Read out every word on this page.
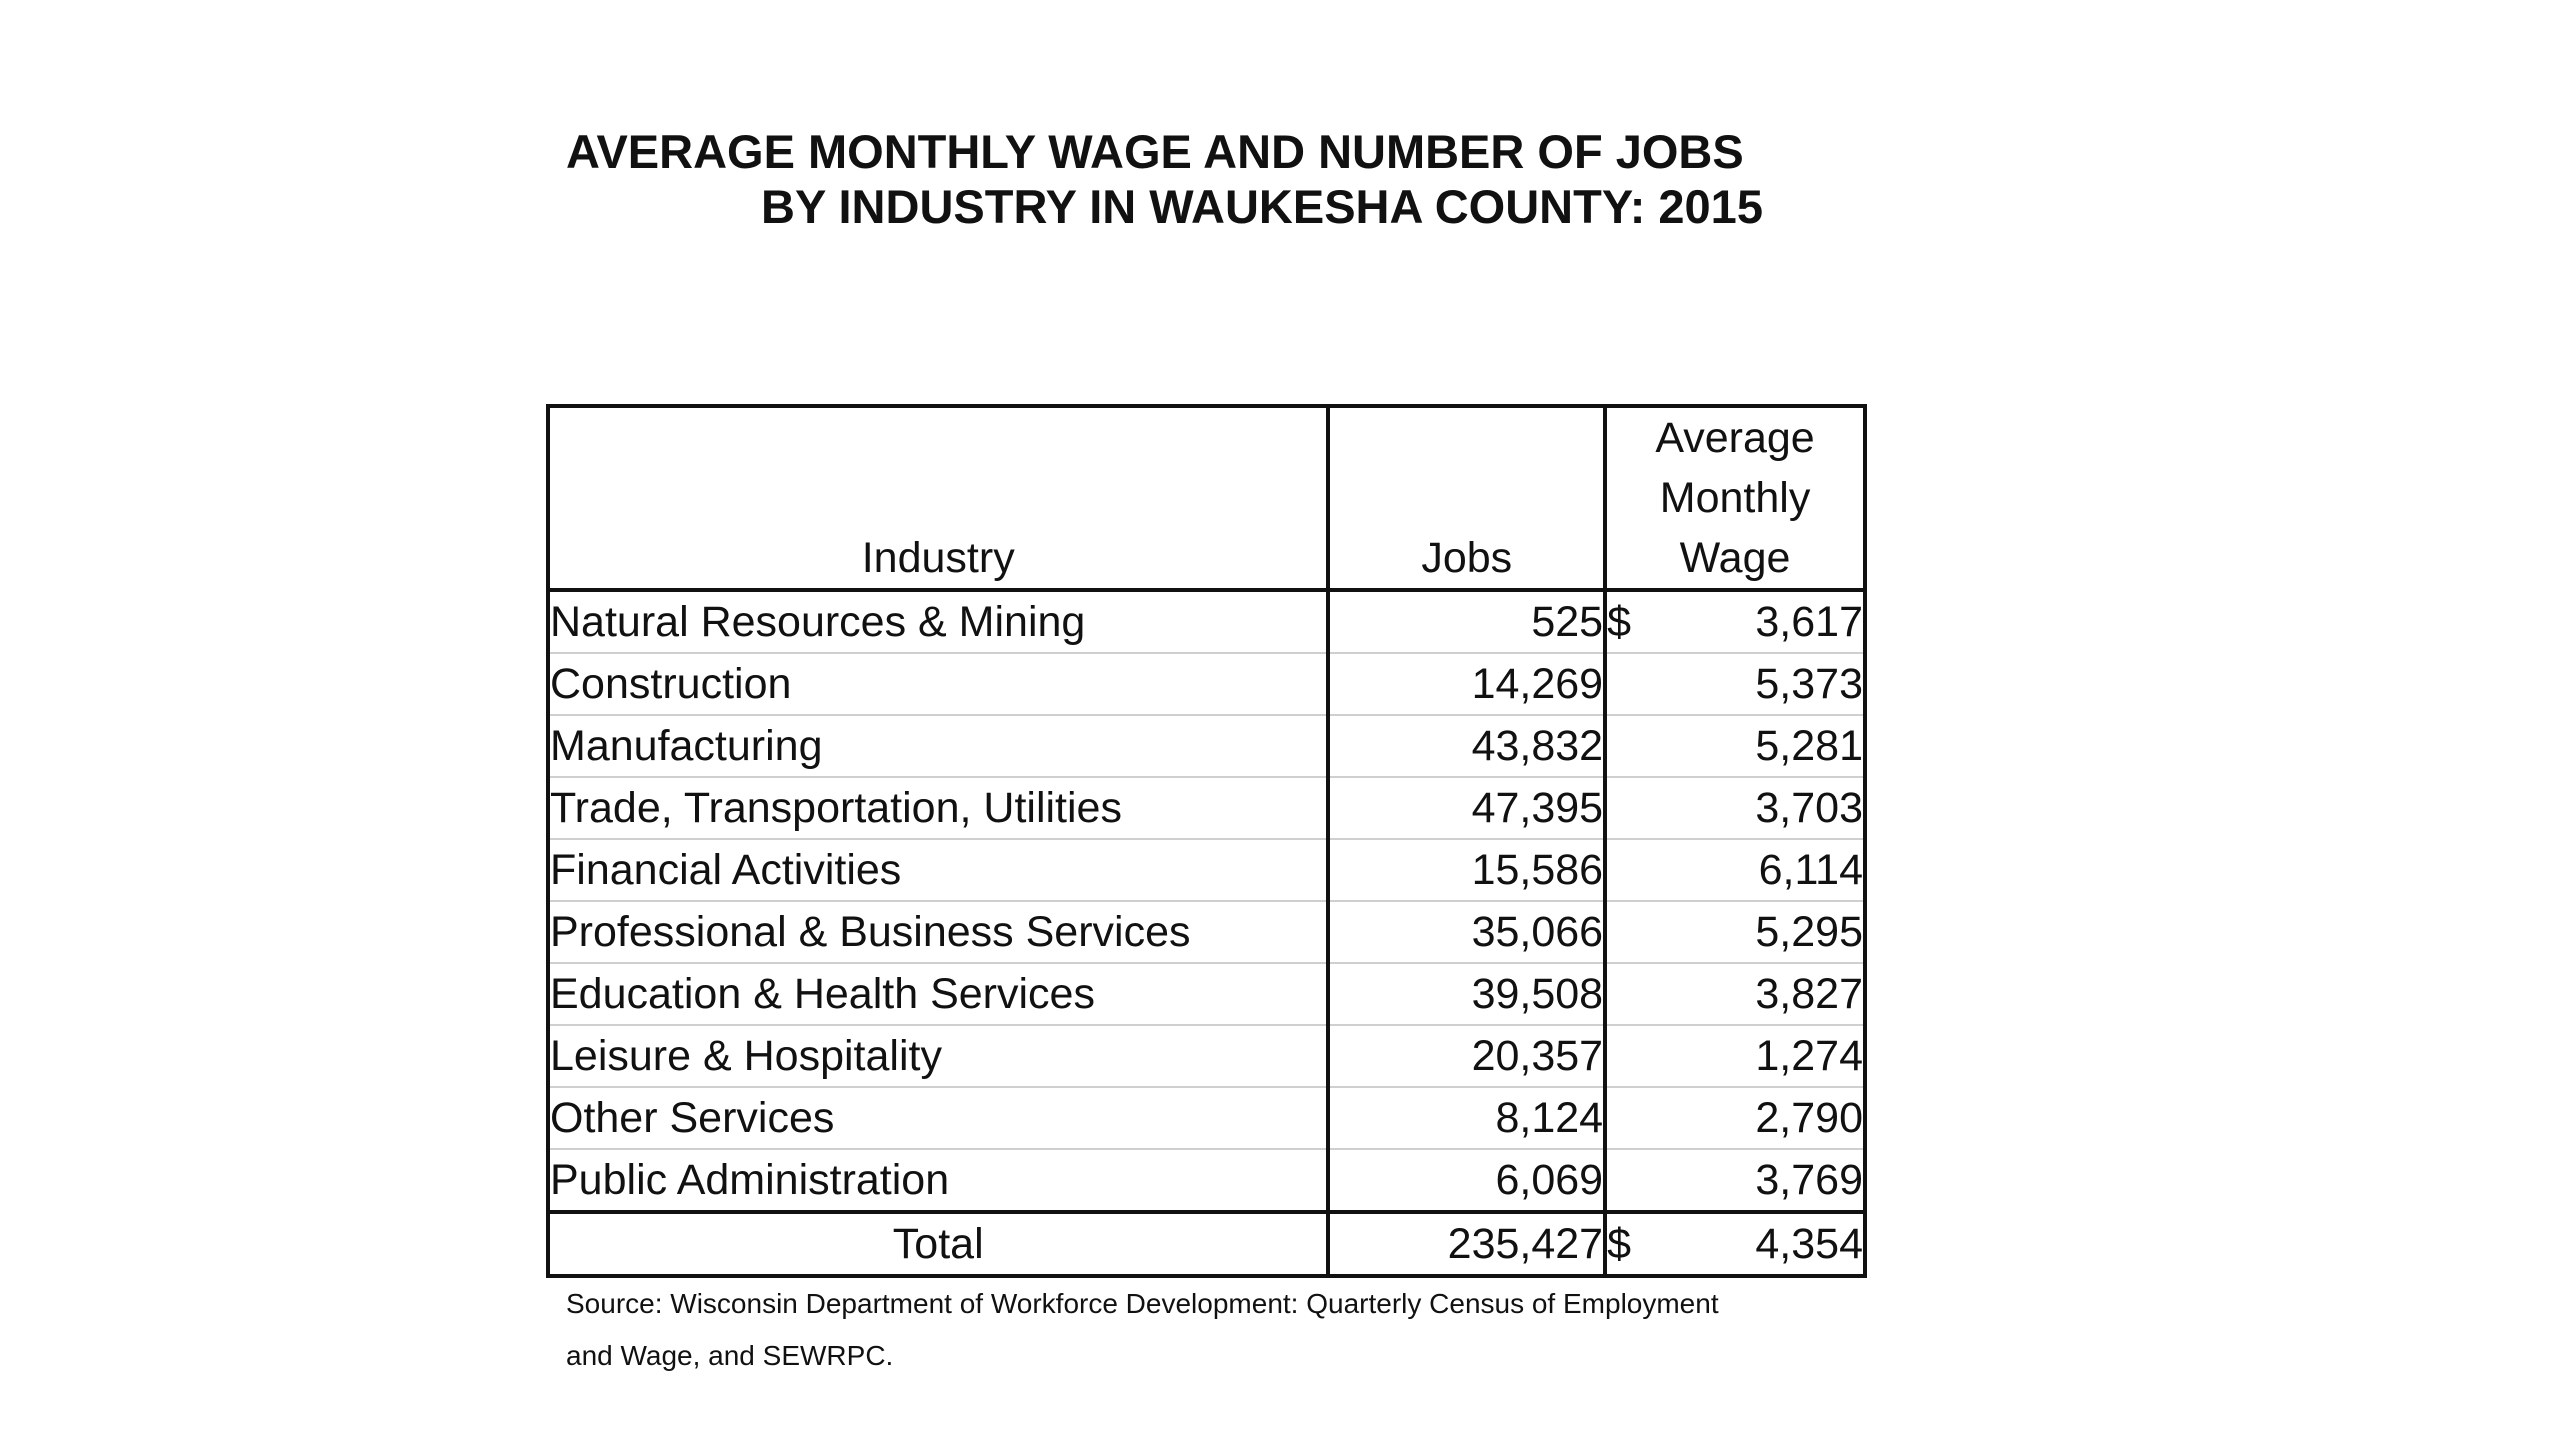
AVERAGE MONTHLY WAGE AND NUMBER OF JOBS
BY INDUSTRY IN WAUKESHA COUNTY: 2015
Industry	Jobs	Average
Monthly
Wage	

Natural Resources & Mining	525	$	3,617
Construction	14,269		5,373
Manufacturing	43,832		5,281
Trade, Transportation, Utilities	47,395		3,703
Financial Activities	15,586		6,114
Professional & Business Services	35,066		5,295
Education & Health Services	39,508		3,827
Leisure & Hospitality	20,357		1,274
Other Services	8,124		2,790
Public Administration	6,069		3,769
Total	235,427	$	4,354
Source: Wisconsin Department of Workforce Development: Quarterly Census of Employment
and Wage, and SEWRPC.
